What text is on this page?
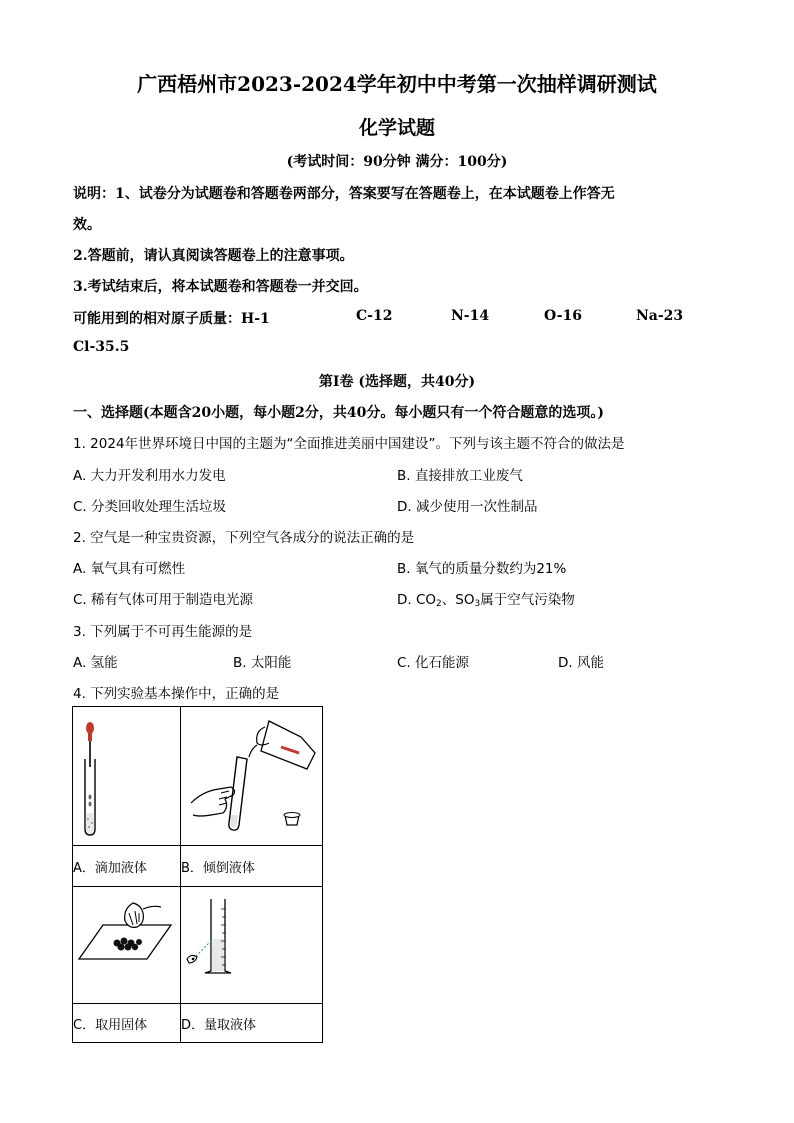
广西梧州市2023-2024学年初中中考第一次抽样调研测试
化学试题
(考试时间：90分钟 满分：100分)
说明：1、试卷分为试题卷和答题卷两部分，答案要写在答题卷上，在本试题卷上作答无
效。
2.答题前，请认真阅读答题卷上的注意事项。
3.考试结束后，将本试题卷和答题卷一并交回。
可能用到的相对原子质量：H-1	C-12	N-14	O-16	Na-23
Cl-35.5
第Ⅰ卷 (选择题，共40分)
一、选择题(本题含20小题，每小题2分，共40分。每小题只有一个符合题意的选项。)
1. 2024年世界环境日中国的主题为“全面推进美丽中国建设”。下列与该主题不符合的做法是
A. 大力开发利用水力发电	B. 直接排放工业废气
C. 分类回收处理生活垃圾	D. 减少使用一次性制品
2. 空气是一种宝贵资源，下列空气各成分的说法正确的是
A. 氧气具有可燃性	B. 氧气的质量分数约为21%
C. 稀有气体可用于制造电光源	D. $CO_2$、$SO_3$属于空气污染物
3. 下列属于不可再生能源的是
A. 氢能	B. 太阳能	C. 化石能源	D. 风能
4. 下列实验基本操作中，正确的是

A．滴加液体	B．倾倒液体

C．取用固体	D．量取液体
